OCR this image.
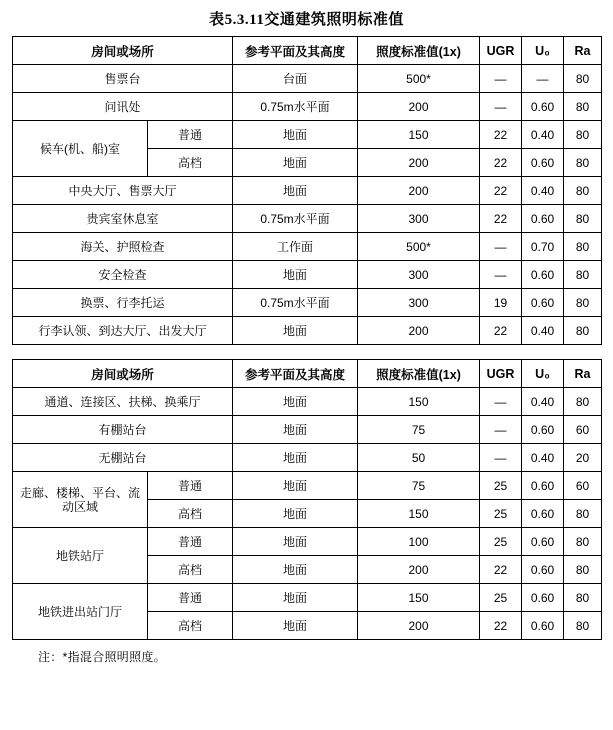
表5.3.11交通建筑照明标准值
房间或场所		参考平面及其高度	照度标准值(1x)	UGR	U₀	Ra
售票台		台面	500*	—	—	80
问讯处		0.75m水平面	200	—	0.60	80
候车(机、船)室	普通	地面	150	22	0.40	80
	高档	地面	200	22	0.60	80
中央大厅、售票大厅		地面	200	22	0.40	80
贵宾室休息室		0.75m水平面	300	22	0.60	80
海关、护照检查		工作面	500*	—	0.70	80
安全检查		地面	300	—	0.60	80
换票、行李托运		0.75m水平面	300	19	0.60	80
行李认领、到达大厅、出发大厅		地面	200	22	0.40	80
房间或场所		参考平面及其高度	照度标准值(1x)	UGR	U₀	Ra
通道、连接区、扶梯、换乘厅		地面	150	—	0.40	80
有棚站台		地面	75	—	0.60	60
无棚站台		地面	50	—	0.40	20
走廊、楼梯、平台、流动区域	普通	地面	75	25	0.60	60
	高档	地面	150	25	0.60	80
地铁站厅	普通	地面	100	25	0.60	80
	高档	地面	200	22	0.60	80
地铁进出站门厅	普通	地面	150	25	0.60	80
	高档	地面	200	22	0.60	80
注：*指混合照明照度。
